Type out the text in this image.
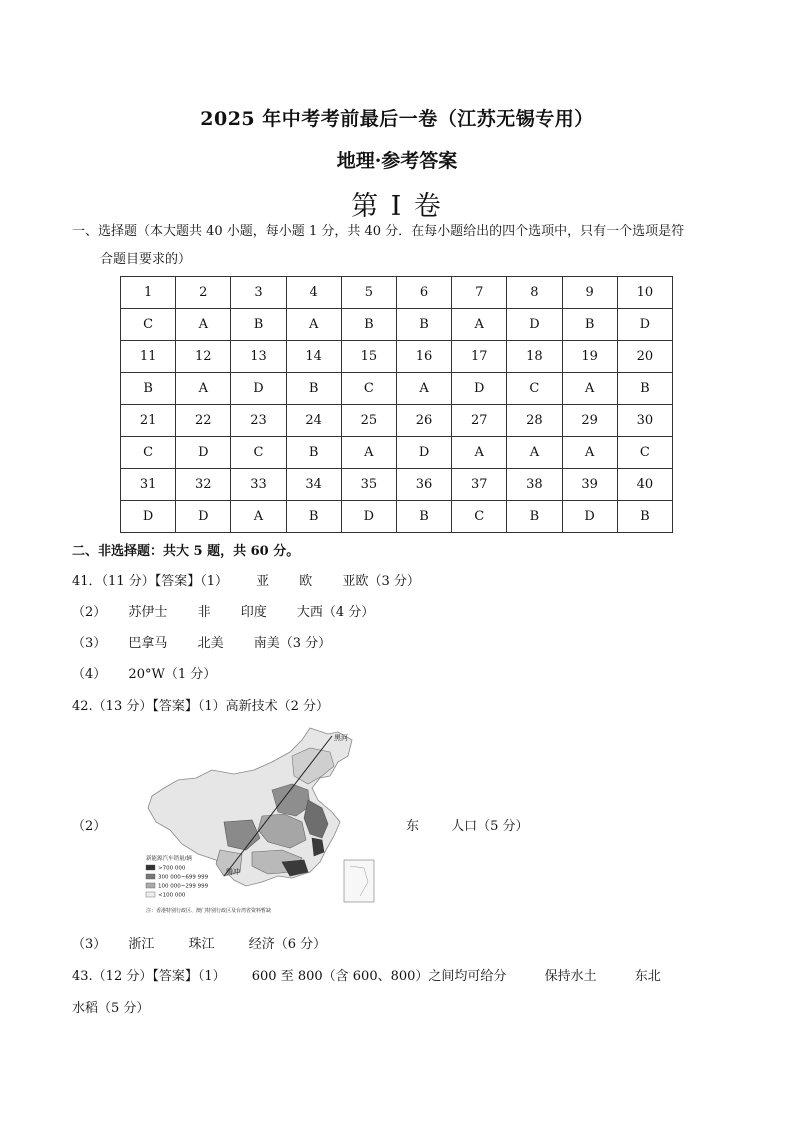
2025 年中考考前最后一卷（江苏无锡专用）
地理·参考答案
第 I 卷
一、选择题（本大题共 40 小题，每小题 1 分，共 40 分．在每小题给出的四个选项中，只有一个选项是符
合题目要求的）
1	2	3	4	5	6	7	8	9	10
C	A	B	A	B	B	A	D	B	D
11	12	13	14	15	16	17	18	19	20
B	A	D	B	C	A	D	C	A	B
21	22	23	24	25	26	27	28	29	30
C	D	C	B	A	D	A	A	A	C
31	32	33	34	35	36	37	38	39	40
D	D	A	B	D	B	C	B	D	B
二、非选择题：共大 5 题，共 60 分。
41．（11 分）【答案】（1） 亚 欧 亚欧（3 分）
（2） 苏伊士 非 印度 大西（4 分）
（3） 巴拿马 北美 南美（3 分）
（4） 20°W（1 分）
42.（13 分）【答案】（1）高新技术（2 分）
黑河
腾冲
新能源汽车销量/辆
>700 000
300 000~699 999
100 000~299 999
<100 000
注：香港特别行政区、澳门特别行政区及台湾省资料暂缺
（2）	东 人口（5 分）
（3） 浙江	珠江	经济（6 分）
43.（12 分）【答案】（1） 600 至 800（含 600、800）之间均可给分	保持水土	东北
水稻（5 分）
